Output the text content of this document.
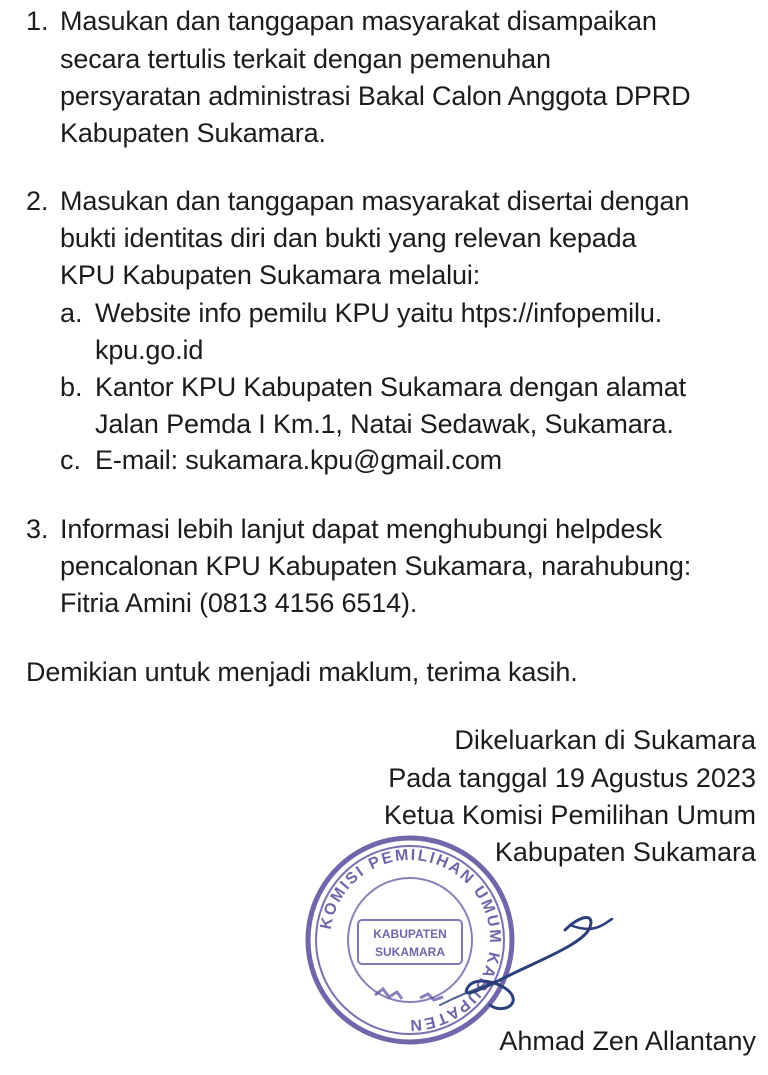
1. Masukan dan tanggapan masyarakat disampaikan
secara tertulis terkait dengan pemenuhan
persyaratan administrasi Bakal Calon Anggota DPRD
Kabupaten Sukamara.
2. Masukan dan tanggapan masyarakat disertai dengan
bukti identitas diri dan bukti yang relevan kepada
KPU Kabupaten Sukamara melalui:
a. Website info pemilu KPU yaitu htps://infopemilu.
kpu.go.id
b. Kantor KPU Kabupaten Sukamara dengan alamat
Jalan Pemda I Km.1, Natai Sedawak, Sukamara.
c. E-mail: sukamara.kpu@gmail.com
3. Informasi lebih lanjut dapat menghubungi helpdesk
pencalonan KPU Kabupaten Sukamara, narahubung:
Fitria Amini (0813 4156 6514).
Demikian untuk menjadi maklum, terima kasih.
Dikeluarkan di Sukamara
Pada tanggal 19 Agustus 2023
Ketua Komisi Pemilihan Umum
Kabupaten Sukamara
KOMISI PEMILIHAN UMUM KABUPATEN
KABUPATEN
SUKAMARA
Ahmad Zen Allantany
